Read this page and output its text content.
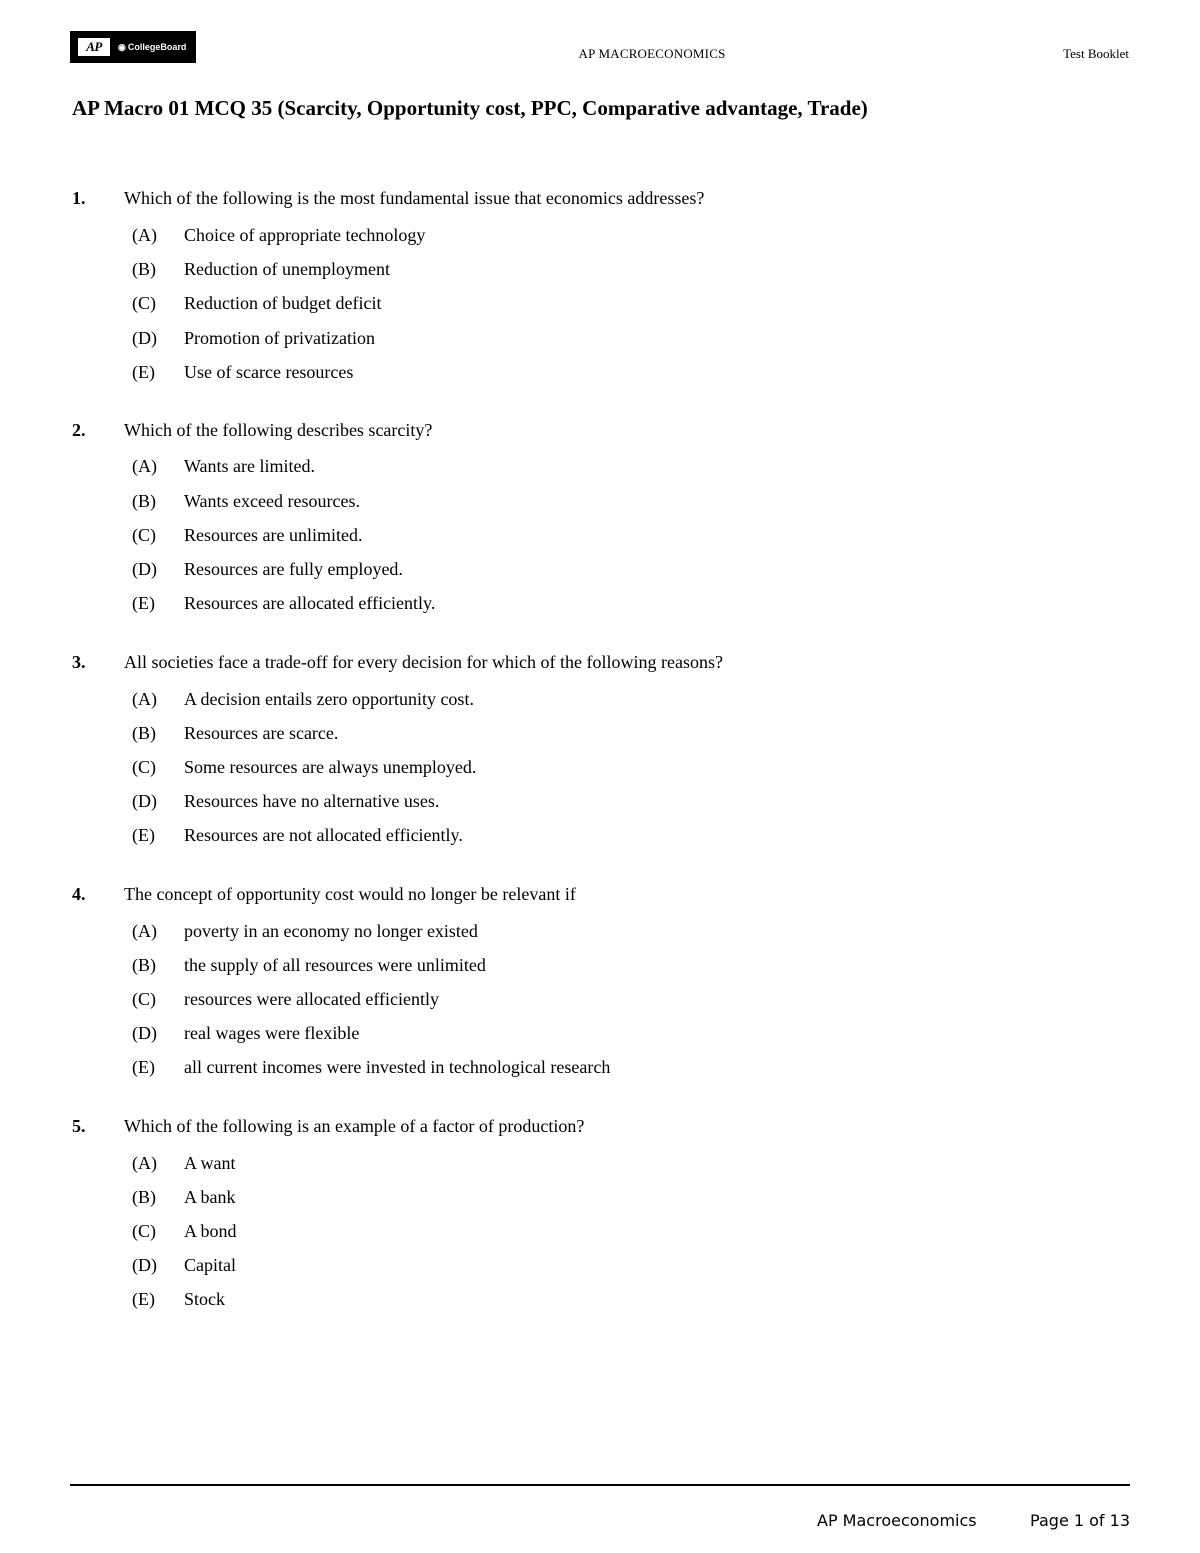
AP	◉ CollegeBoard	AP MACROECONOMICS	Test Booklet
AP Macro 01 MCQ 35 (Scarcity, Opportunity cost, PPC, Comparative advantage, Trade)
1. Which of the following is the most fundamental issue that economics addresses?
(A) Choice of appropriate technology
(B) Reduction of unemployment
(C) Reduction of budget deficit
(D) Promotion of privatization
(E) Use of scarce resources
2. Which of the following describes scarcity?
(A) Wants are limited.
(B) Wants exceed resources.
(C) Resources are unlimited.
(D) Resources are fully employed.
(E) Resources are allocated efficiently.
3. All societies face a trade-off for every decision for which of the following reasons?
(A) A decision entails zero opportunity cost.
(B) Resources are scarce.
(C) Some resources are always unemployed.
(D) Resources have no alternative uses.
(E) Resources are not allocated efficiently.
4. The concept of opportunity cost would no longer be relevant if
(A) poverty in an economy no longer existed
(B) the supply of all resources were unlimited
(C) resources were allocated efficiently
(D) real wages were flexible
(E) all current incomes were invested in technological research
5. Which of the following is an example of a factor of production?
(A) A want
(B) A bank
(C) A bond
(D) Capital
(E) Stock
AP Macroeconomics	Page 1 of 13
